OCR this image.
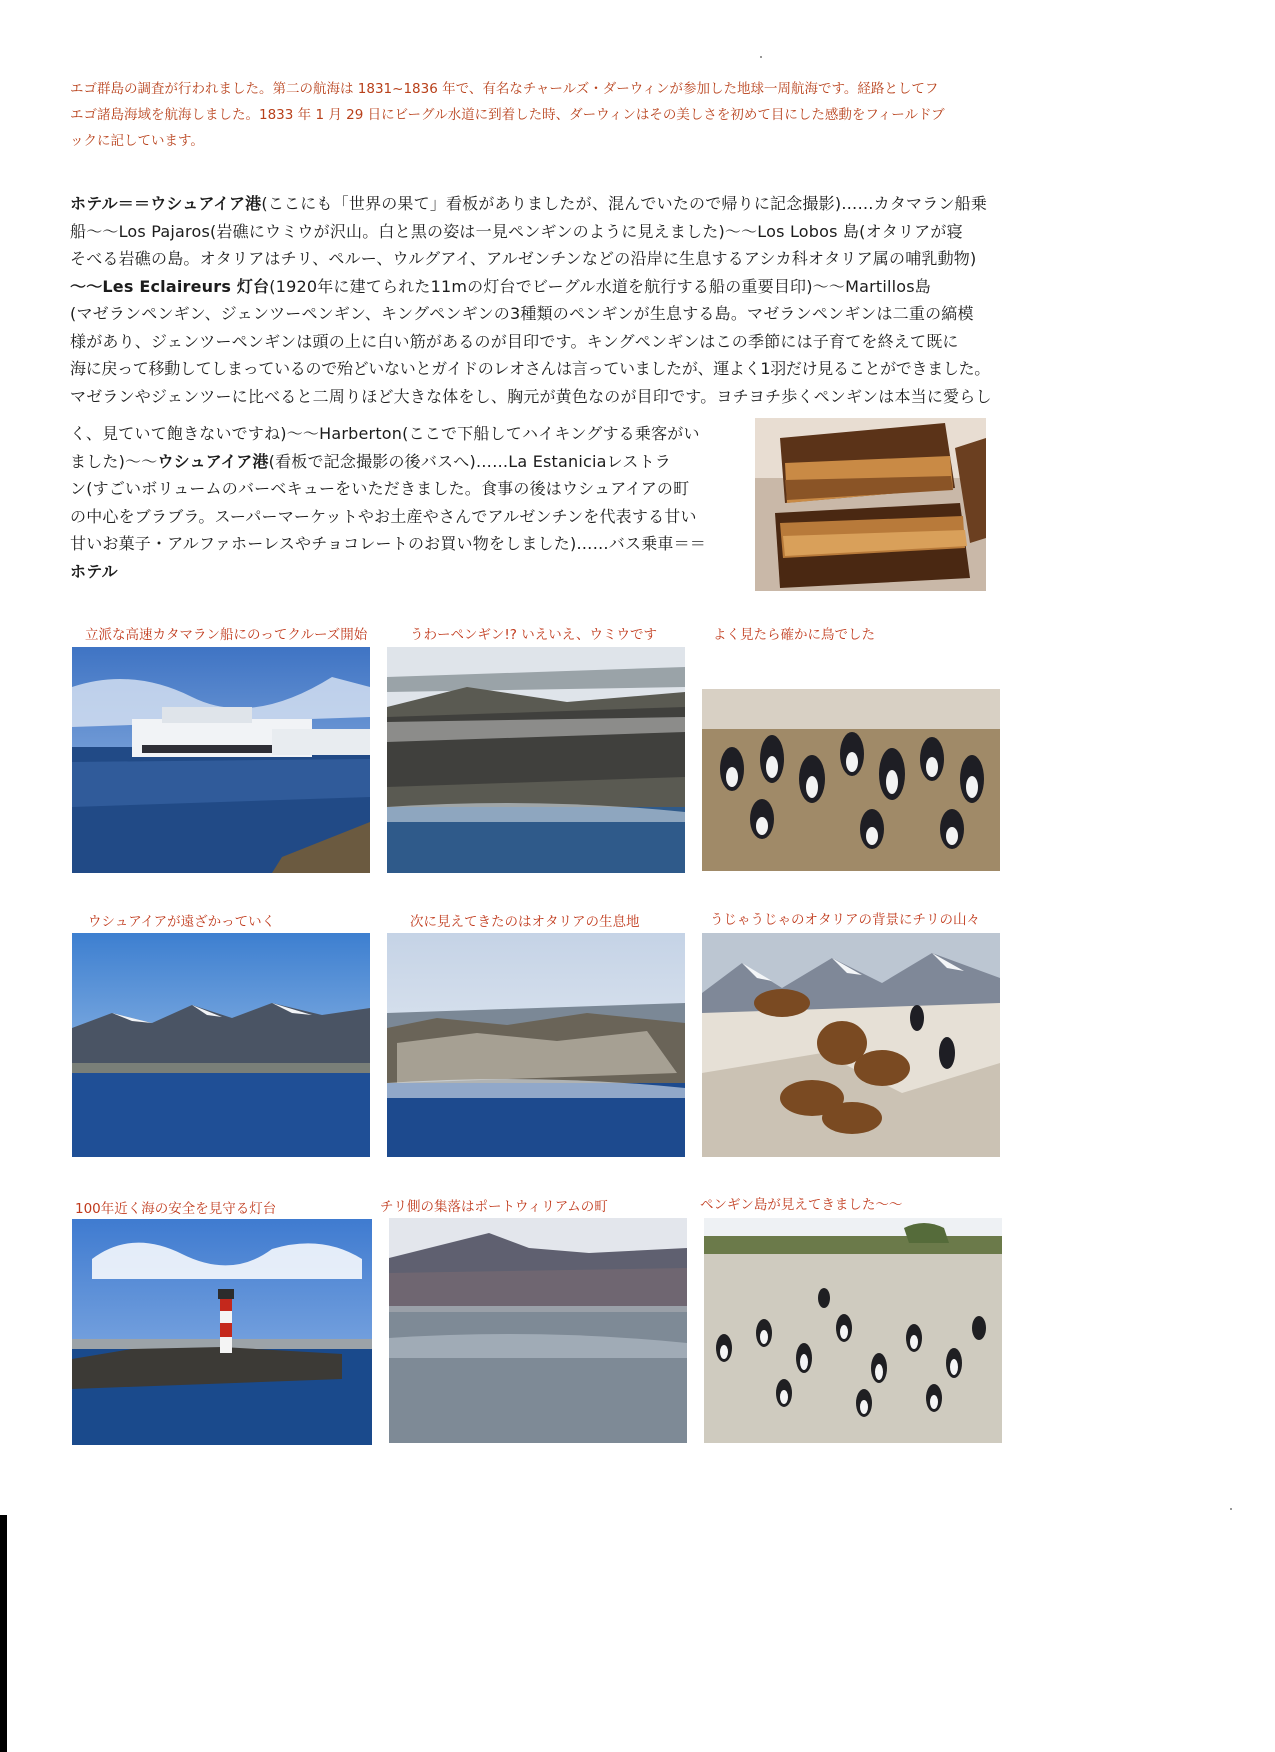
エゴ群島の調査が行われました。第二の航海は 1831~1836 年で、有名なチャールズ・ダーウィンが参加した地球一周航海です。経路としてフ
エゴ諸島海域を航海しました。1833 年 1 月 29 日にビーグル水道に到着した時、ダーウィンはその美しさを初めて目にした感動をフィールドブ
ックに記しています。
ホテル＝＝ウシュアイア港(ここにも「世界の果て」看板がありましたが、混んでいたので帰りに記念撮影)……カタマラン船乗
船～～Los Pajaros(岩礁にウミウが沢山。白と黒の姿は一見ペンギンのように見えました)～～Los Lobos 島(オタリアが寝
そべる岩礁の島。オタリアはチリ、ペルー、ウルグアイ、アルゼンチンなどの沿岸に生息するアシカ科オタリア属の哺乳動物)
～～Les Eclaireurs 灯台(1920年に建てられた11mの灯台でビーグル水道を航行する船の重要目印)～～Martillos島
(マゼランペンギン、ジェンツーペンギン、キングペンギンの3種類のペンギンが生息する島。マゼランペンギンは二重の縞模
様があり、ジェンツーペンギンは頭の上に白い筋があるのが目印です。キングペンギンはこの季節には子育てを終えて既に
海に戻って移動してしまっているので殆どいないとガイドのレオさんは言っていましたが、運よく1羽だけ見ることができました。
マゼランやジェンツーに比べると二周りほど大きな体をし、胸元が黄色なのが目印です。ヨチヨチ歩くペンギンは本当に愛らし
く、見ていて飽きないですね)～～Harberton(ここで下船してハイキングする乗客がい
ました)～～ウシュアイア港(看板で記念撮影の後バスへ)……La Estaniciaレストラ
ン(すごいボリュームのバーベキューをいただきました。食事の後はウシュアイアの町
の中心をブラブラ。スーパーマーケットやお土産やさんでアルゼンチンを代表する甘い
甘いお菓子・アルファホーレスやチョコレートのお買い物をしました)……バス乗車＝＝
ホテル
立派な高速カタマラン船にのってクルーズ開始	うわーペンギン!? いえいえ、ウミウです	よく見たら確かに鳥でした
ウシュアイアが遠ざかっていく	次に見えてきたのはオタリアの生息地	うじゃうじゃのオタリアの背景にチリの山々
100年近く海の安全を見守る灯台	チリ側の集落はポートウィリアムの町	ペンギン島が見えてきました～～
